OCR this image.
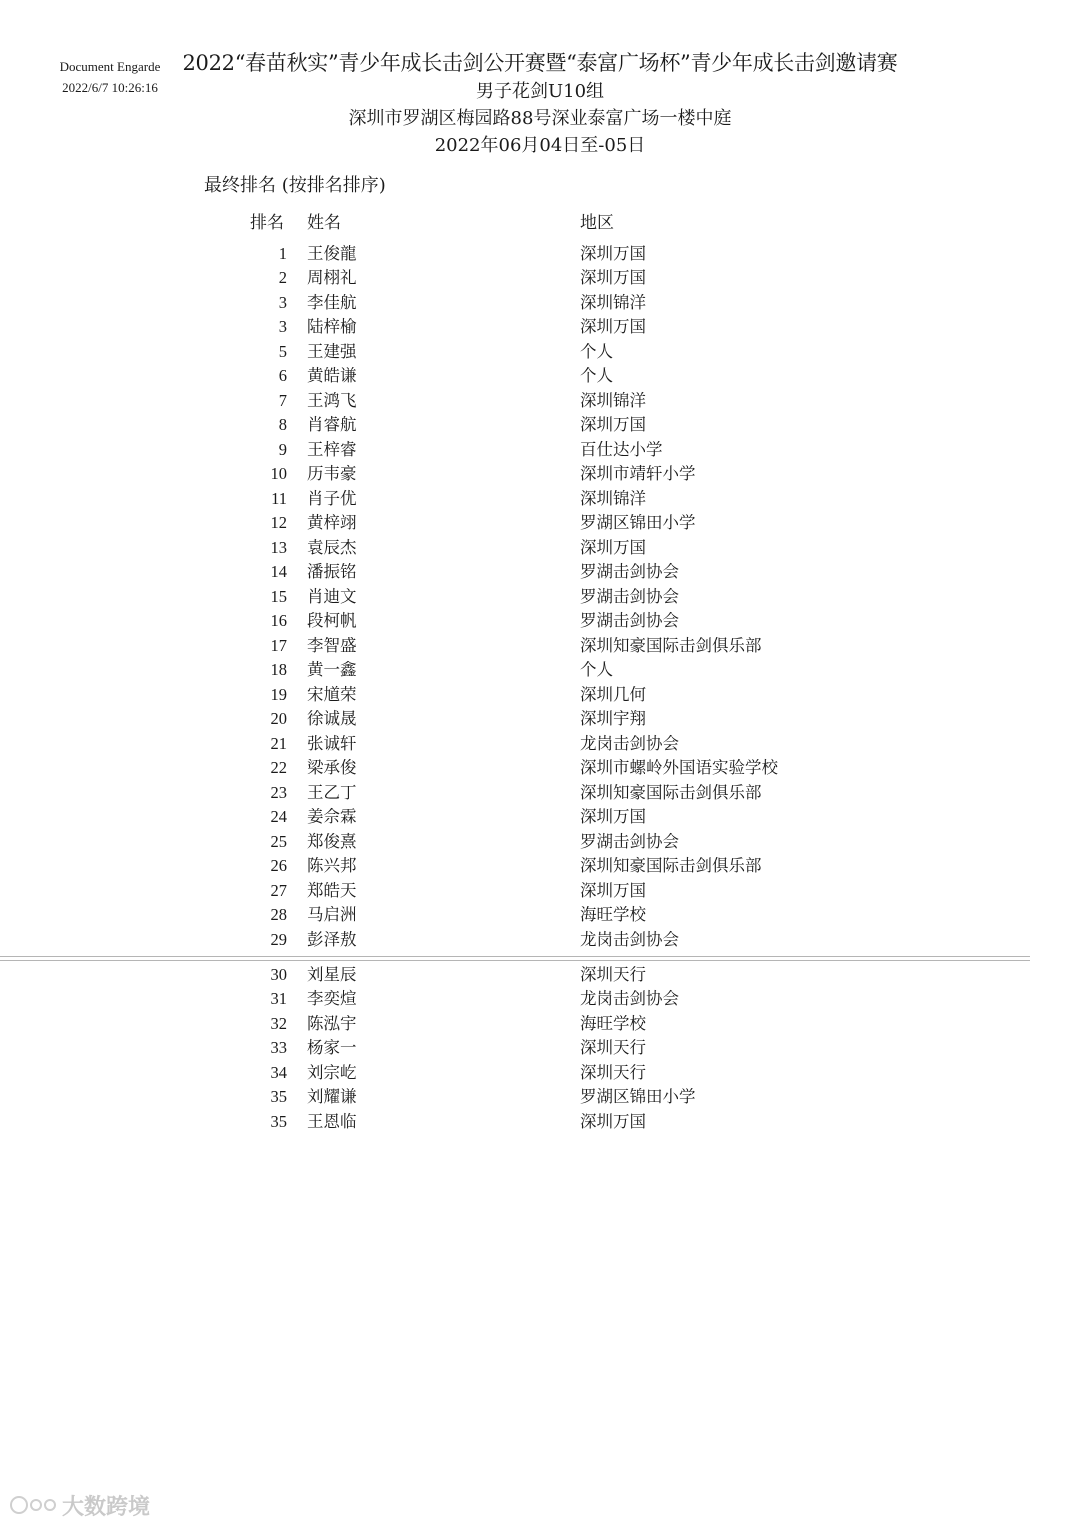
Document Engarde
2022/6/7 10:26:16
2022“春苗秋实”青少年成长击剑公开赛暨“泰富广场杯”青少年成长击剑邀请赛
男子花剑U10组
深圳市罗湖区梅园路88号深业泰富广场一楼中庭
2022年06月04日至-05日
最终排名 (按排名排序)
排名 姓名	地区
1 王俊龍	深圳万国
2 周栩礼	深圳万国
3 李佳航	深圳锦洋
3 陆梓榆	深圳万国
5 王建强	个人
6 黄皓谦	个人
7 王鸿飞	深圳锦洋
8 肖睿航	深圳万国
9 王梓睿	百仕达小学
10 历韦豪	深圳市靖轩小学
11 肖子优	深圳锦洋
12 黄梓翊	罗湖区锦田小学
13 袁辰杰	深圳万国
14 潘振铭	罗湖击剑协会
15 肖迪文	罗湖击剑协会
16 段柯帆	罗湖击剑协会
17 李智盛	深圳知豪国际击剑俱乐部
18 黄一鑫	个人
19 宋馗荣	深圳几何
20 徐诚晟	深圳宇翔
21 张诚轩	龙岗击剑协会
22 梁承俊	深圳市螺岭外国语实验学校
23 王乙丁	深圳知豪国际击剑俱乐部
24 姜佘霖	深圳万国
25 郑俊熹	罗湖击剑协会
26 陈兴邦	深圳知豪国际击剑俱乐部
27 郑皓天	深圳万国
28 马启洲	海旺学校
29 彭泽敖	龙岗击剑协会
30 刘星辰	深圳天行
31 李奕煊	龙岗击剑协会
32 陈泓宇	海旺学校
33 杨家一	深圳天行
34 刘宗屹	深圳天行
35 刘耀谦	罗湖区锦田小学
35 王恩临	深圳万国
大数跨境
